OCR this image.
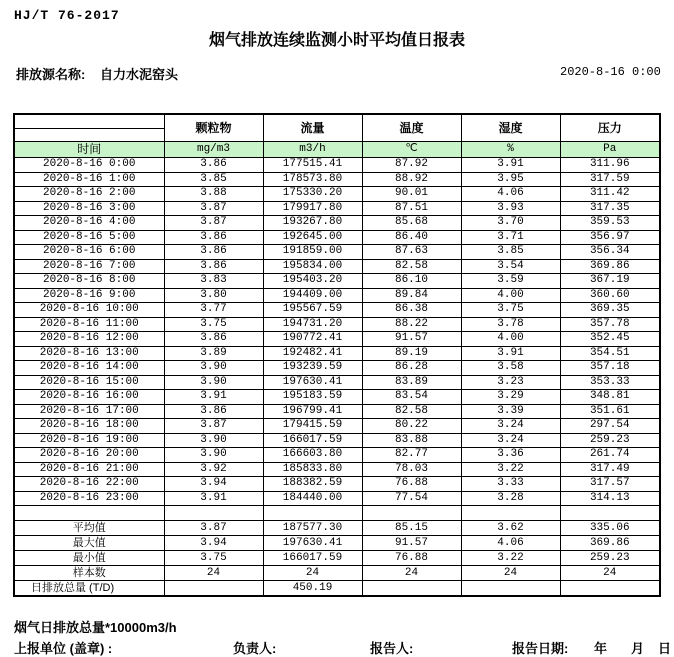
HJ/T 76-2017
烟气排放连续监测小时平均值日报表
排放源名称: 自力水泥窑头	2020-8-16 0:00
	颗粒物	流量	温度	湿度	压力
时间	mg/m3	m3/h	℃	%	Pa
2020-8-16 0:00	3.86	177515.41	87.92	3.91	311.96
2020-8-16 1:00	3.85	178573.80	88.92	3.95	317.59
2020-8-16 2:00	3.88	175330.20	90.01	4.06	311.42
2020-8-16 3:00	3.87	179917.80	87.51	3.93	317.35
2020-8-16 4:00	3.87	193267.80	85.68	3.70	359.53
2020-8-16 5:00	3.86	192645.00	86.40	3.71	356.97
2020-8-16 6:00	3.86	191859.00	87.63	3.85	356.34
2020-8-16 7:00	3.86	195834.00	82.58	3.54	369.86
2020-8-16 8:00	3.83	195403.20	86.10	3.59	367.19
2020-8-16 9:00	3.80	194409.00	89.84	4.00	360.60
2020-8-16 10:00	3.77	195567.59	86.38	3.75	369.35
2020-8-16 11:00	3.75	194731.20	88.22	3.78	357.78
2020-8-16 12:00	3.86	190772.41	91.57	4.00	352.45
2020-8-16 13:00	3.89	192482.41	89.19	3.91	354.51
2020-8-16 14:00	3.90	193239.59	86.28	3.58	357.18
2020-8-16 15:00	3.90	197630.41	83.89	3.23	353.33
2020-8-16 16:00	3.91	195183.59	83.54	3.29	348.81
2020-8-16 17:00	3.86	196799.41	82.58	3.39	351.61
2020-8-16 18:00	3.87	179415.59	80.22	3.24	297.54
2020-8-16 19:00	3.90	166017.59	83.88	3.24	259.23
2020-8-16 20:00	3.90	166603.80	82.77	3.36	261.74
2020-8-16 21:00	3.92	185833.80	78.03	3.22	317.49
2020-8-16 22:00	3.94	188382.59	76.88	3.33	317.57
2020-8-16 23:00	3.91	184440.00	77.54	3.28	314.13

平均值	3.87	187577.30	85.15	3.62	335.06
最大值	3.94	197630.41	91.57	4.06	369.86
最小值	3.75	166017.59	76.88	3.22	259.23
样本数	24	24	24	24	24
日排放总量 (T/D)		450.19			
烟气日排放总量*10000m3/h
上报单位 (盖章) :	负责人:	报告人:	报告日期: 年 月 日
